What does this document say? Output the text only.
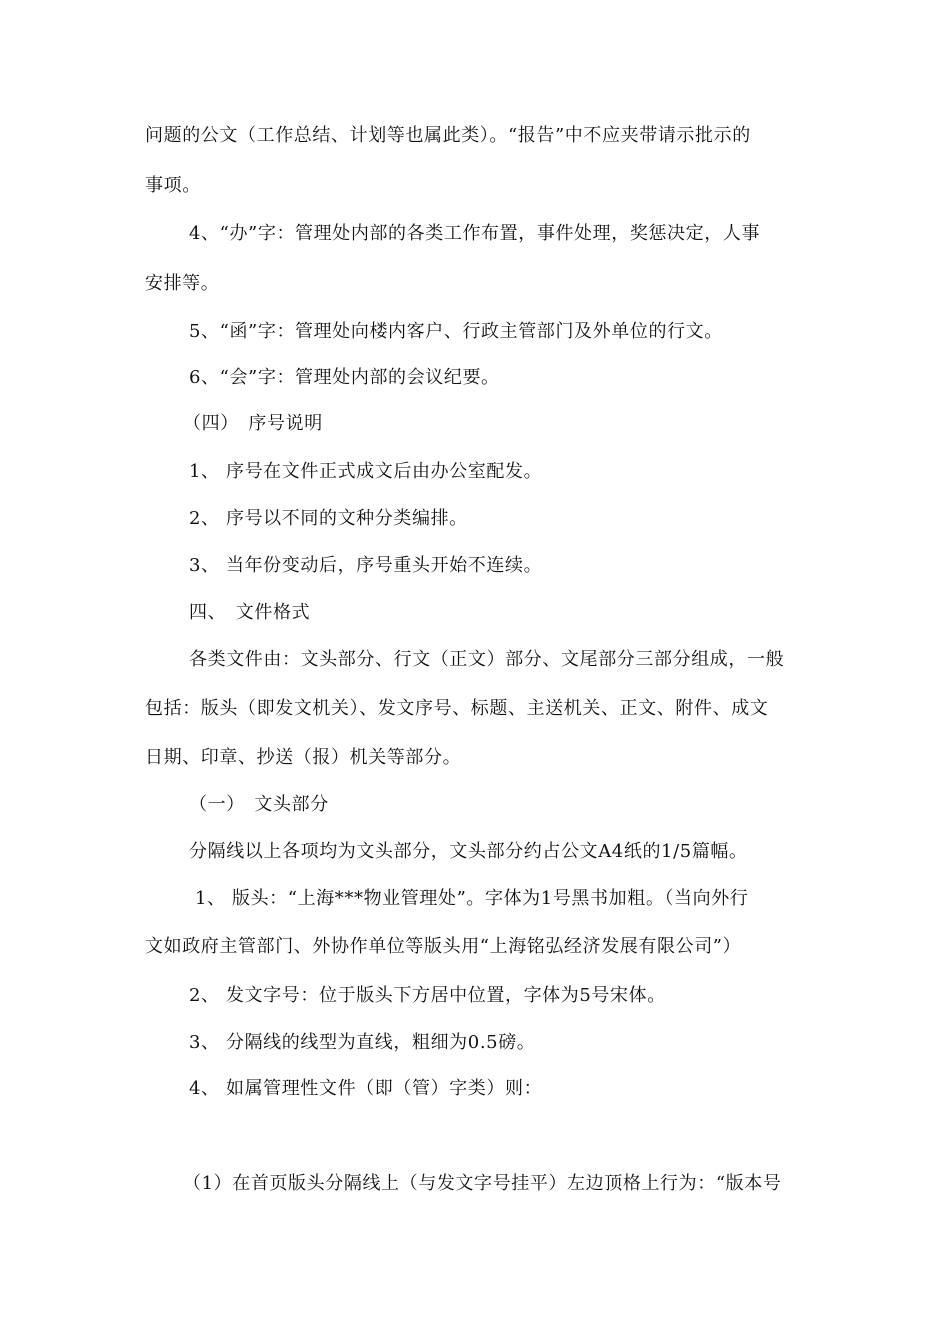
问题的公文（工作总结、计划等也属此类）。“报告”中不应夹带请示批示的
事项。
4、“办”字：管理处内部的各类工作布置，事件处理，奖惩决定，人事
安排等。
5、“函”字：管理处向楼内客户、行政主管部门及外单位的行文。
6、“会”字：管理处内部的会议纪要。
（四）　序号说明
1、 序号在文件正式成文后由办公室配发。
2、 序号以不同的文种分类编排。
3、 当年份变动后，序号重头开始不连续。
四、　文件格式
各类文件由：文头部分、行文（正文）部分、文尾部分三部分组成，一般
包括：版头（即发文机关）、发文序号、标题、主送机关、正文、附件、成文
日期、印章、抄送（报）机关等部分。
（一）　文头部分
分隔线以上各项均为文头部分，文头部分约占公文A4纸的1/5篇幅。
1、 版头：“上海***物业管理处”。字体为1号黑书加粗。（当向外行
文如政府主管部门、外协作单位等版头用“上海铭弘经济发展有限公司”）
2、 发文字号：位于版头下方居中位置，字体为5号宋体。
3、 分隔线的线型为直线，粗细为0.5磅。
4、 如属管理性文件（即（管）字类）则：
（1）在首页版头分隔线上（与发文字号挂平）左边顶格上行为：“版本号
